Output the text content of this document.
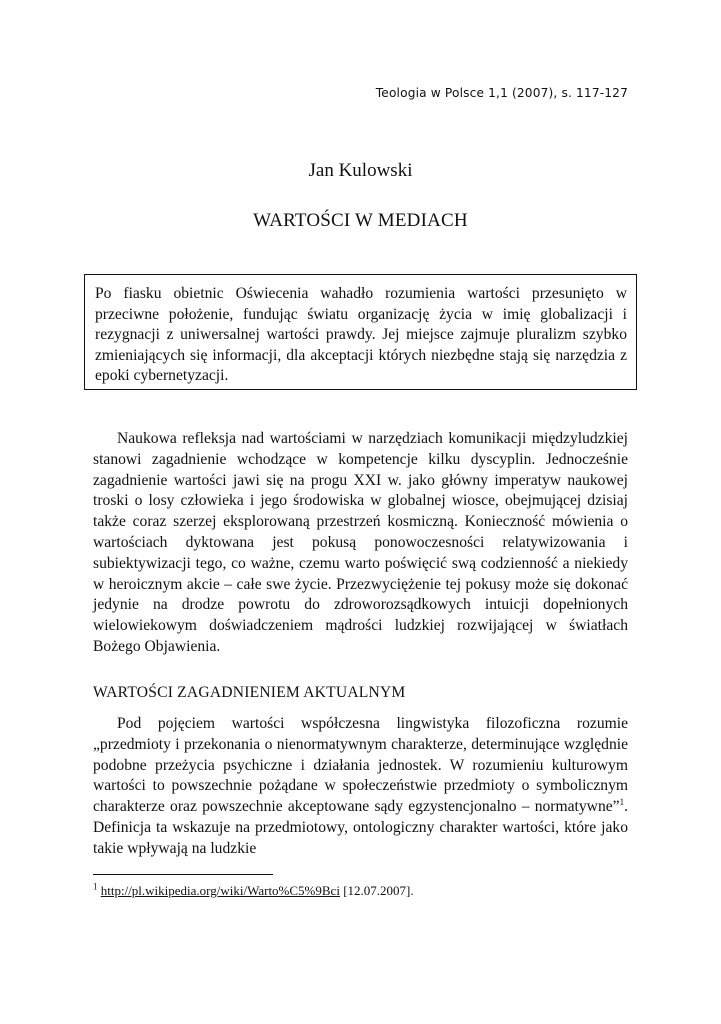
Teologia w Polsce 1,1 (2007), s. 117-127
Jan Kulowski
WARTOŚCI W MEDIACH

Po fiasku obietnic Oświecenia wahadło rozumienia wartości przesunięto w przeciwne położenie, fundując światu organizację życia w imię globalizacji i rezygnacji z uniwersalnej wartości prawdy. Jej miejsce zajmuje pluralizm szybko zmieniających się informacji, dla akceptacji których niezbędne stają się narzędzia z epoki cybernetyzacji.

Naukowa refleksja nad wartościami w narzędziach komunikacji międzyludzkiej stanowi zagadnienie wchodzące w kompetencje kilku dyscyplin. Jednocześnie zagadnienie wartości jawi się na progu XXI w. jako główny imperatyw naukowej troski o losy człowieka i jego środowiska w globalnej wiosce, obejmującej dzisiaj także coraz szerzej eksplorowaną przestrzeń kosmiczną. Konieczność mówienia o wartościach dyktowana jest pokusą ponowoczesności relatywizowania i subiektywizacji tego, co ważne, czemu warto poświęcić swą codzienność a niekiedy w heroicznym akcie – całe swe życie. Przezwyciężenie tej pokusy może się dokonać jedynie na drodze powrotu do zdroworozsądkowych intuicji dopełnionych wielowiekowym doświadczeniem mądrości ludzkiej rozwijającej w światłach Bożego Objawienia.

WARTOŚCI ZAGADNIENIEM AKTUALNYM

Pod pojęciem wartości współczesna lingwistyka filozoficzna rozumie „przedmioty i przekonania o nienormatywnym charakterze, determinujące względnie podobne przeżycia psychiczne i działania jednostek. W rozumieniu kulturowym wartości to powszechnie pożądane w społeczeństwie przedmioty o symbolicznym charakterze oraz powszechnie akceptowane sądy egzystencjonalno – normatywne”$^1$. Definicja ta wskazuje na przedmiotowy, ontologiczny charakter wartości, które jako takie wpływają na ludzkie

$^1$ http://pl.wikipedia.org/wiki/Warto%C5%9Bci [12.07.2007].
